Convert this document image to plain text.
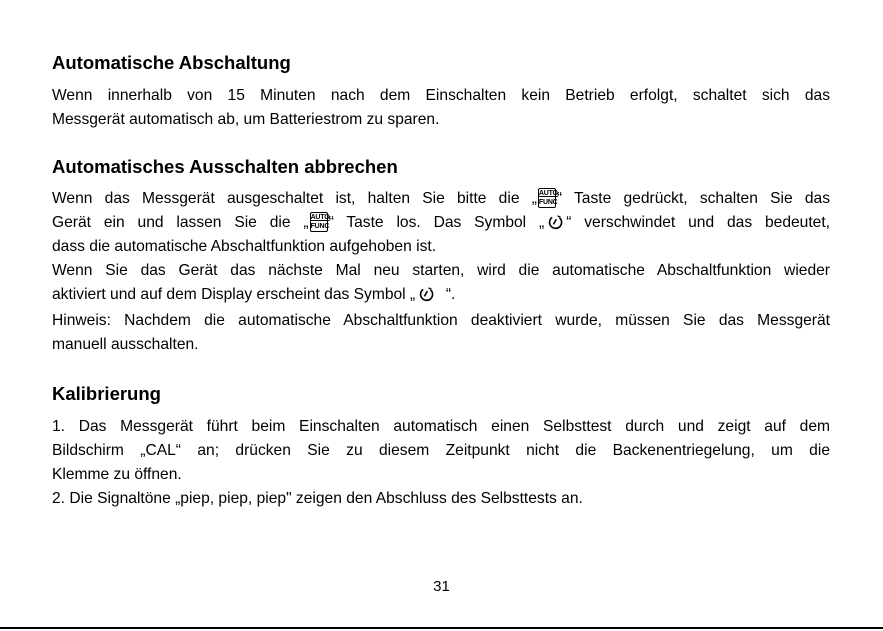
Automatische Abschaltung
Wenn innerhalb von 15 Minuten nach dem Einschalten kein Betrieb erfolgt, schaltet sich das
Messgerät automatisch ab, um Batteriestrom zu sparen.
Automatisches Ausschalten abbrechen
Wenn das Messgerät ausgeschaltet ist, halten Sie bitte die „ AUTO
FUNC “ Taste gedrückt, schalten Sie das
Gerät ein und lassen Sie die „ AUTO
FUNC “ Taste los. Das Symbol „ “ verschwindet und das bedeutet,
dass die automatische Abschaltfunktion aufgehoben ist.
Wenn Sie das Gerät das nächste Mal neu starten, wird die automatische Abschaltfunktion wieder
aktiviert und auf dem Display erscheint das Symbol „ “.
Hinweis: Nachdem die automatische Abschaltfunktion deaktiviert wurde, müssen Sie das Messgerät
manuell ausschalten.
Kalibrierung
1. Das Messgerät führt beim Einschalten automatisch einen Selbsttest durch und zeigt auf dem
Bildschirm „CAL“ an; drücken Sie zu diesem Zeitpunkt nicht die Backenentriegelung, um die
Klemme zu öffnen.
2. Die Signaltöne „piep, piep, piep" zeigen den Abschluss des Selbsttests an.
31
